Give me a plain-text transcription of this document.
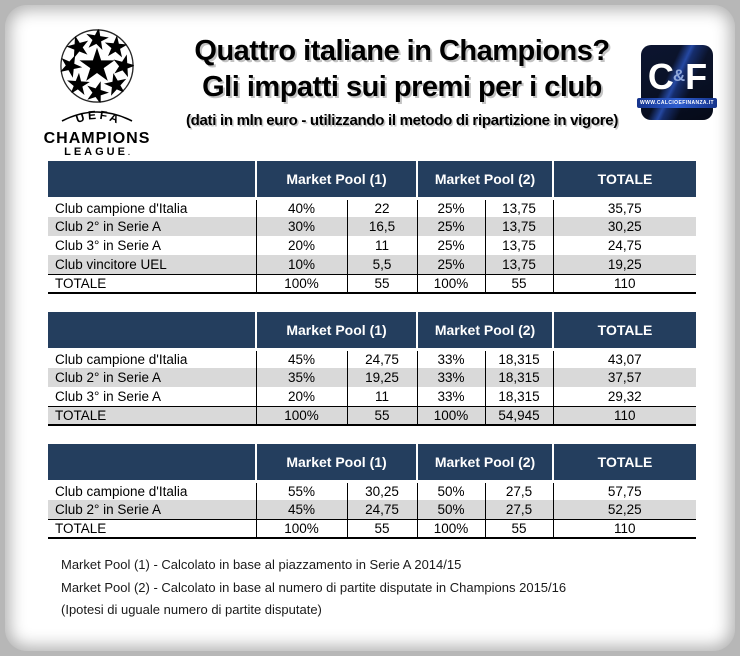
UEFA
CHAMPIONS
LEAGUE.
Quattro italiane in Champions?
Gli impatti sui premi per i club
(dati in mln euro - utilizzando il metodo di ripartizione in vigore)
C&F
WWW.CALCIOEFINANZA.IT
	Market Pool (1)		Market Pool (2)		TOTALE
Club campione d'Italia	40%	22	25%	13,75	35,75
Club 2° in Serie A	30%	16,5	25%	13,75	30,25
Club 3° in Serie A	20%	11	25%	13,75	24,75
Club vincitore UEL	10%	5,5	25%	13,75	19,25
TOTALE	100%	55	100%	55	110
	Market Pool (1)		Market Pool (2)		TOTALE
Club campione d'Italia	45%	24,75	33%	18,315	43,07
Club 2° in Serie A	35%	19,25	33%	18,315	37,57
Club 3° in Serie A	20%	11	33%	18,315	29,32
TOTALE	100%	55	100%	54,945	110
	Market Pool (1)		Market Pool (2)		TOTALE
Club campione d'Italia	55%	30,25	50%	27,5	57,75
Club 2° in Serie A	45%	24,75	50%	27,5	52,25
TOTALE	100%	55	100%	55	110
Market Pool (1) - Calcolato in base al piazzamento in Serie A 2014/15
Market Pool (2) - Calcolato in base al numero di partite disputate in Champions 2015/16
(Ipotesi di uguale numero di partite disputate)
